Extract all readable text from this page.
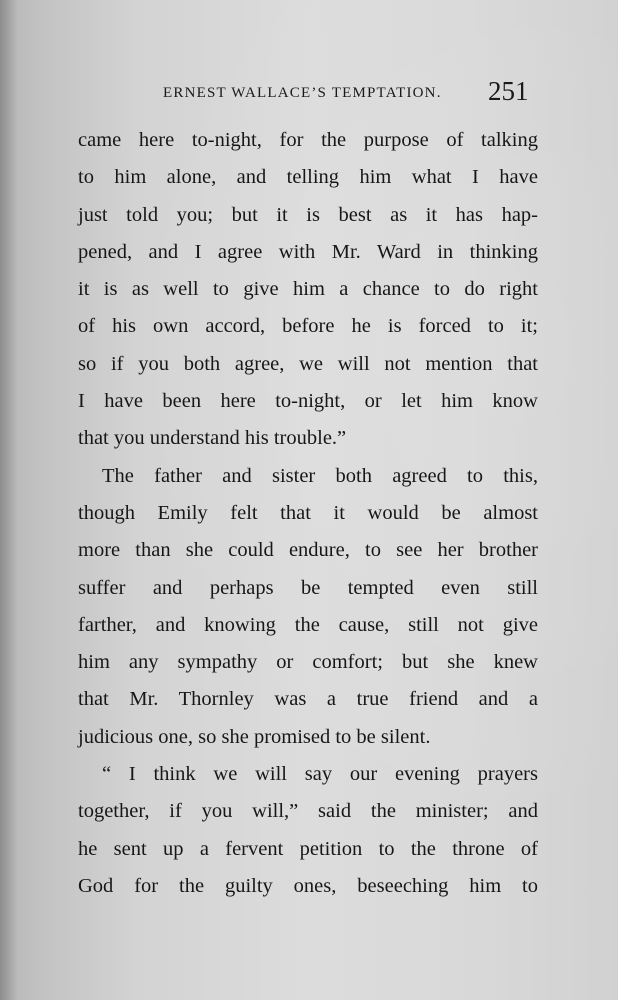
ERNEST WALLACE’S TEMPTATION. 251
came here to-night, for the purpose of talking
to him alone, and telling him what I have
just told you; but it is best as it has hap-
pened, and I agree with Mr. Ward in thinking
it is as well to give him a chance to do right
of his own accord, before he is forced to it;
so if you both agree, we will not mention that
I have been here to-night, or let him know
that you understand his trouble.”
The father and sister both agreed to this,
though Emily felt that it would be almost
more than she could endure, to see her brother
suffer and perhaps be tempted even still
farther, and knowing the cause, still not give
him any sympathy or comfort; but she knew
that Mr. Thornley was a true friend and a
judicious one, so she promised to be silent.
“ I think we will say our evening prayers
together, if you will,” said the minister; and
he sent up a fervent petition to the throne of
God for the guilty ones, beseeching him to
